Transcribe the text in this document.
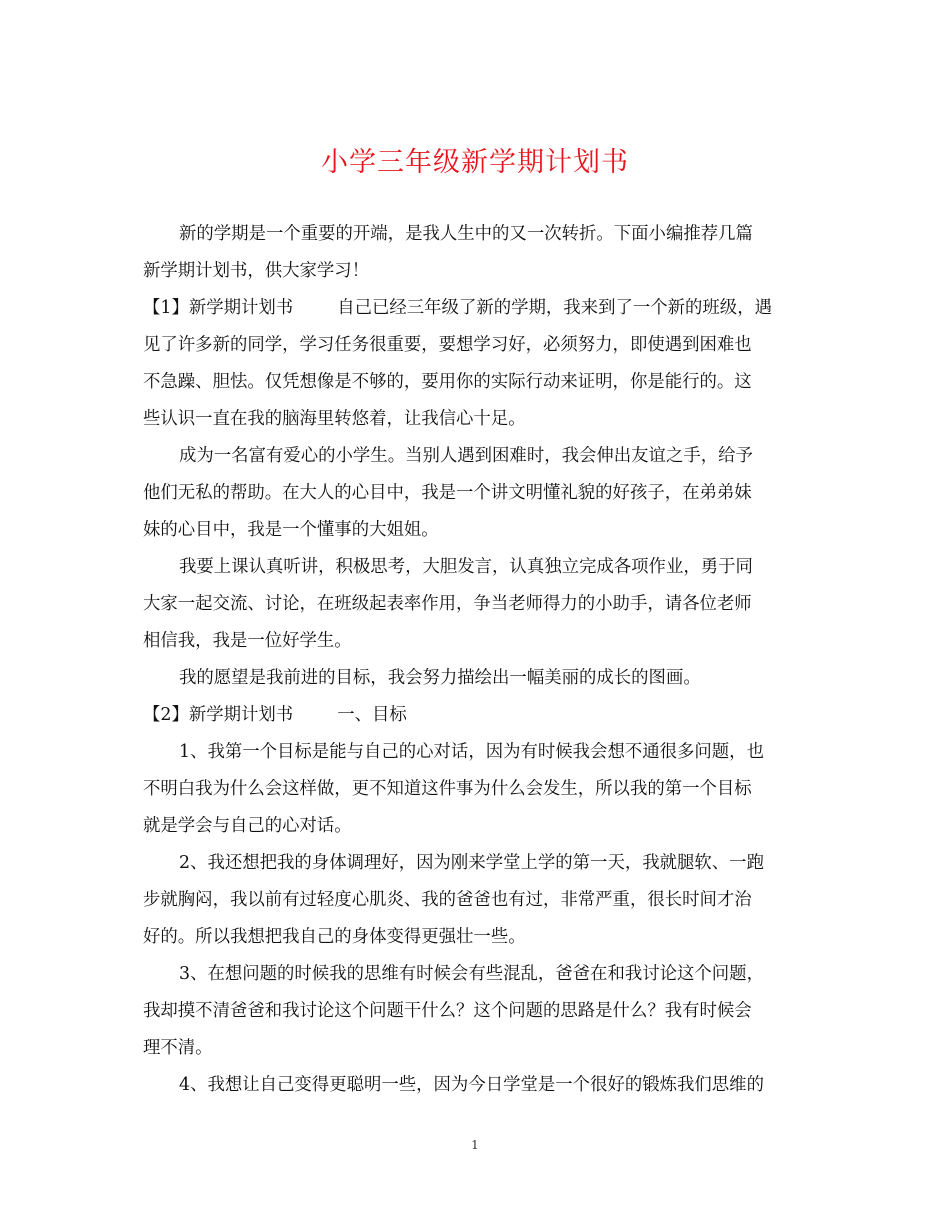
小学三年级新学期计划书

新的学期是一个重要的开端，是我人生中的又一次转折。下面小编推荐几篇

新学期计划书，供大家学习！

【1】新学期计划书	自己已经三年级了新的学期，我来到了一个新的班级，遇

见了许多新的同学，学习任务很重要，要想学习好，必须努力，即使遇到困难也

不急躁、胆怯。仅凭想像是不够的，要用你的实际行动来证明，你是能行的。这

些认识一直在我的脑海里转悠着，让我信心十足。

成为一名富有爱心的小学生。当别人遇到困难时，我会伸出友谊之手，给予

他们无私的帮助。在大人的心目中，我是一个讲文明懂礼貌的好孩子，在弟弟妹

妹的心目中，我是一个懂事的大姐姐。

我要上课认真听讲，积极思考，大胆发言，认真独立完成各项作业，勇于同

大家一起交流、讨论，在班级起表率作用，争当老师得力的小助手，请各位老师

相信我，我是一位好学生。

我的愿望是我前进的目标，我会努力描绘出一幅美丽的成长的图画。

【2】新学期计划书	一、目标

1、我第一个目标是能与自己的心对话，因为有时候我会想不通很多问题，也

不明白我为什么会这样做，更不知道这件事为什么会发生，所以我的第一个目标

就是学会与自己的心对话。

2、我还想把我的身体调理好，因为刚来学堂上学的第一天，我就腿软、一跑

步就胸闷，我以前有过轻度心肌炎、我的爸爸也有过，非常严重，很长时间才治

好的。所以我想把我自己的身体变得更强壮一些。

3、在想问题的时候我的思维有时候会有些混乱，爸爸在和我讨论这个问题，

我却摸不清爸爸和我讨论这个问题干什么？这个问题的思路是什么？我有时候会

理不清。

4、我想让自己变得更聪明一些，因为今日学堂是一个很好的锻炼我们思维的

1
